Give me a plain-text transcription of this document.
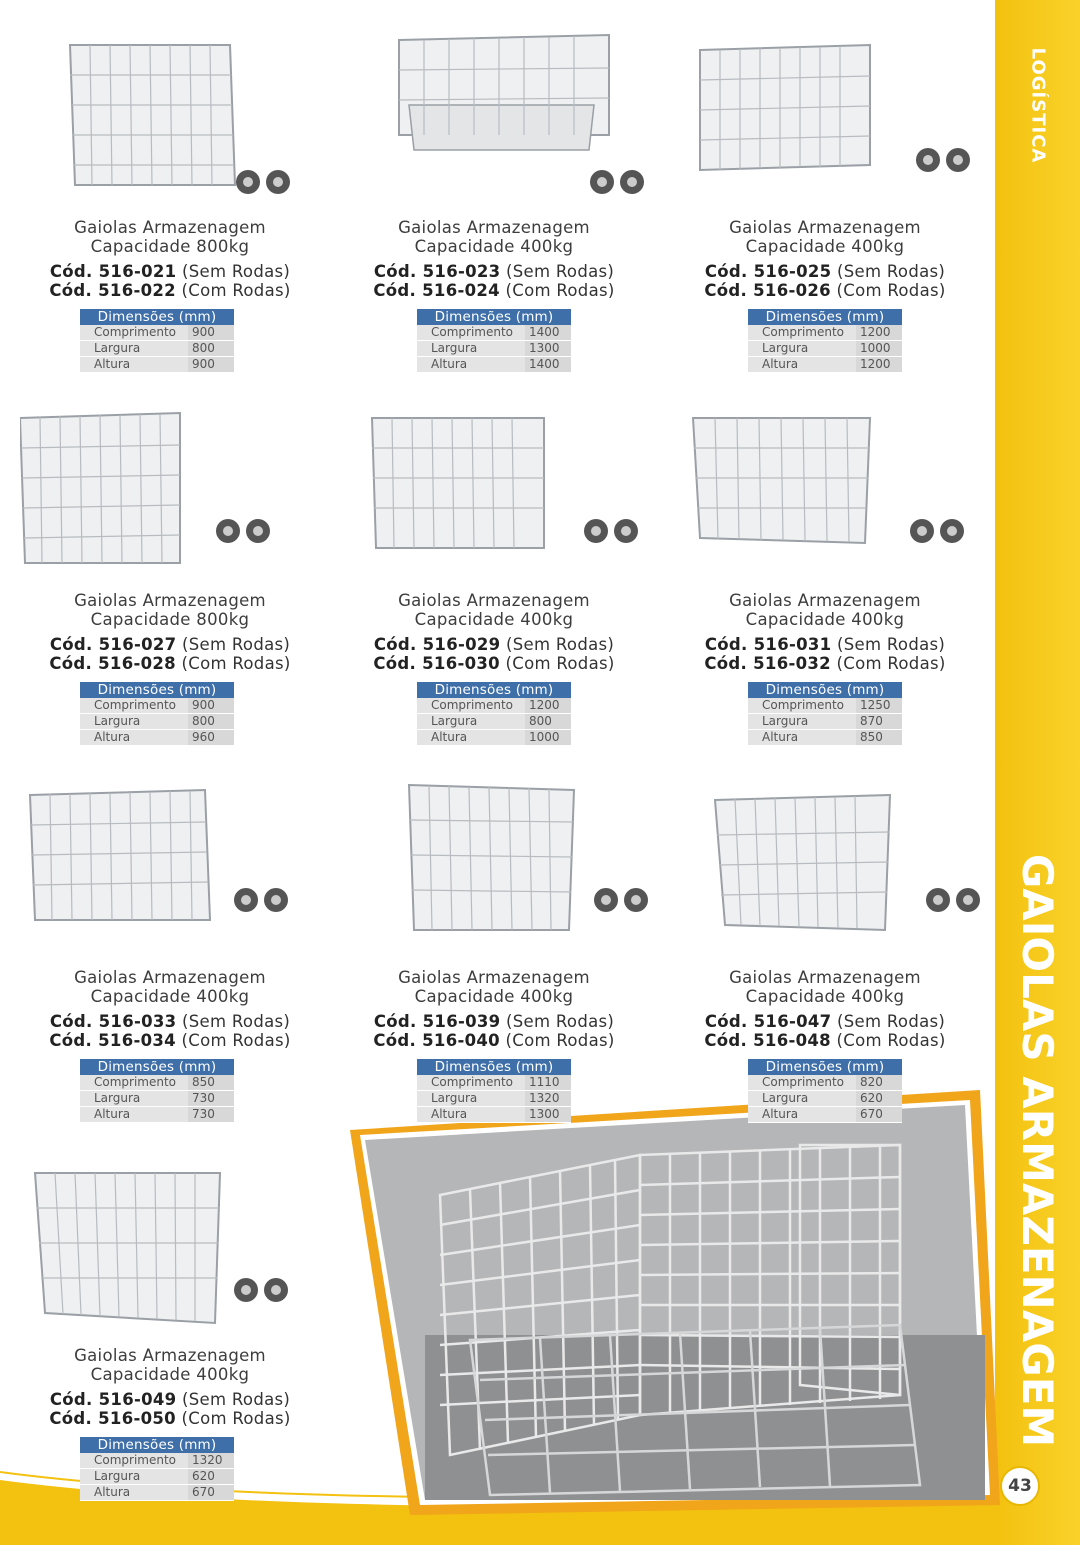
LOGÍSTICA
GAIOLAS ARMAZENAGEM
Gaiolas Armazenagem
Capacidade 800kg
Cód. 516-021 (Sem Rodas)
Cód. 516-022 (Com Rodas)
Dimensões (mm)
Comprimento	900
Largura	800
Altura	900
Gaiolas Armazenagem
Capacidade 400kg
Cód. 516-023 (Sem Rodas)
Cód. 516-024 (Com Rodas)
Dimensões (mm)
Comprimento	1400
Largura	1300
Altura	1400
Gaiolas Armazenagem
Capacidade 400kg
Cód. 516-025 (Sem Rodas)
Cód. 516-026 (Com Rodas)
Dimensões (mm)
Comprimento	1200
Largura	1000
Altura	1200
Gaiolas Armazenagem
Capacidade 800kg
Cód. 516-027 (Sem Rodas)
Cód. 516-028 (Com Rodas)
Dimensões (mm)
Comprimento	900
Largura	800
Altura	960
Gaiolas Armazenagem
Capacidade 400kg
Cód. 516-029 (Sem Rodas)
Cód. 516-030 (Com Rodas)
Dimensões (mm)
Comprimento	1200
Largura	800
Altura	1000
Gaiolas Armazenagem
Capacidade 400kg
Cód. 516-031 (Sem Rodas)
Cód. 516-032 (Com Rodas)
Dimensões (mm)
Comprimento	1250
Largura	870
Altura	850
Gaiolas Armazenagem
Capacidade 400kg
Cód. 516-033 (Sem Rodas)
Cód. 516-034 (Com Rodas)
Dimensões (mm)
Comprimento	850
Largura	730
Altura	730
Gaiolas Armazenagem
Capacidade 400kg
Cód. 516-039 (Sem Rodas)
Cód. 516-040 (Com Rodas)
Dimensões (mm)
Comprimento	1110
Largura	1320
Altura	1300
Gaiolas Armazenagem
Capacidade 400kg
Cód. 516-047 (Sem Rodas)
Cód. 516-048 (Com Rodas)
Dimensões (mm)
Comprimento	820
Largura	620
Altura	670
Gaiolas Armazenagem
Capacidade 400kg
Cód. 516-049 (Sem Rodas)
Cód. 516-050 (Com Rodas)
Dimensões (mm)
Comprimento	1320
Largura	620
Altura	670	43
